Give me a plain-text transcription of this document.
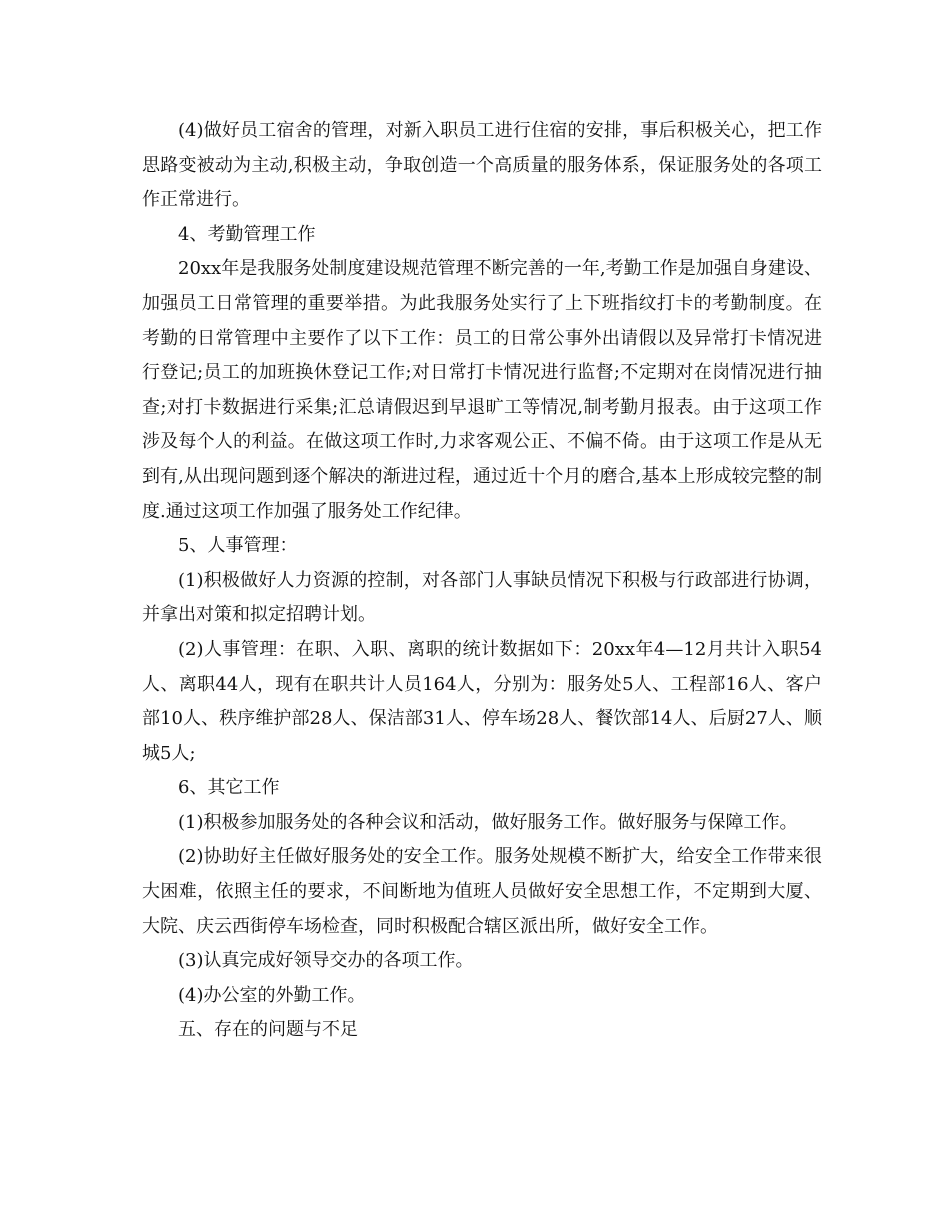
(4)做好员工宿舍的管理，对新入职员工进行住宿的安排，事后积极关心，把工作思路变被动为主动,积极主动，争取创造一个高质量的服务体系，保证服务处的各项工作正常进行。

4、考勤管理工作

20xx年是我服务处制度建设规范管理不断完善的一年,考勤工作是加强自身建设、加强员工日常管理的重要举措。为此我服务处实行了上下班指纹打卡的考勤制度。在考勤的日常管理中主要作了以下工作：员工的日常公事外出请假以及异常打卡情况进行登记;员工的加班换休登记工作;对日常打卡情况进行监督;不定期对在岗情况进行抽查;对打卡数据进行采集;汇总请假迟到早退旷工等情况,制考勤月报表。由于这项工作涉及每个人的利益。在做这项工作时,力求客观公正、不偏不倚。由于这项工作是从无到有,从出现问题到逐个解决的渐进过程，通过近十个月的磨合,基本上形成较完整的制度.通过这项工作加强了服务处工作纪律。

5、人事管理：

(1)积极做好人力资源的控制，对各部门人事缺员情况下积极与行政部进行协调，并拿出对策和拟定招聘计划。

(2)人事管理：在职、入职、离职的统计数据如下：20xx年4—12月共计入职54人、离职44人，现有在职共计人员164人，分别为：服务处5人、工程部16人、客户部10人、秩序维护部28人、保洁部31人、停车场28人、餐饮部14人、后厨27人、顺城5人;

6、其它工作

(1)积极参加服务处的各种会议和活动，做好服务工作。做好服务与保障工作。

(2)协助好主任做好服务处的安全工作。服务处规模不断扩大，给安全工作带来很大困难，依照主任的要求，不间断地为值班人员做好安全思想工作，不定期到大厦、大院、庆云西街停车场检查，同时积极配合辖区派出所，做好安全工作。

(3)认真完成好领导交办的各项工作。

(4)办公室的外勤工作。

五、存在的问题与不足
